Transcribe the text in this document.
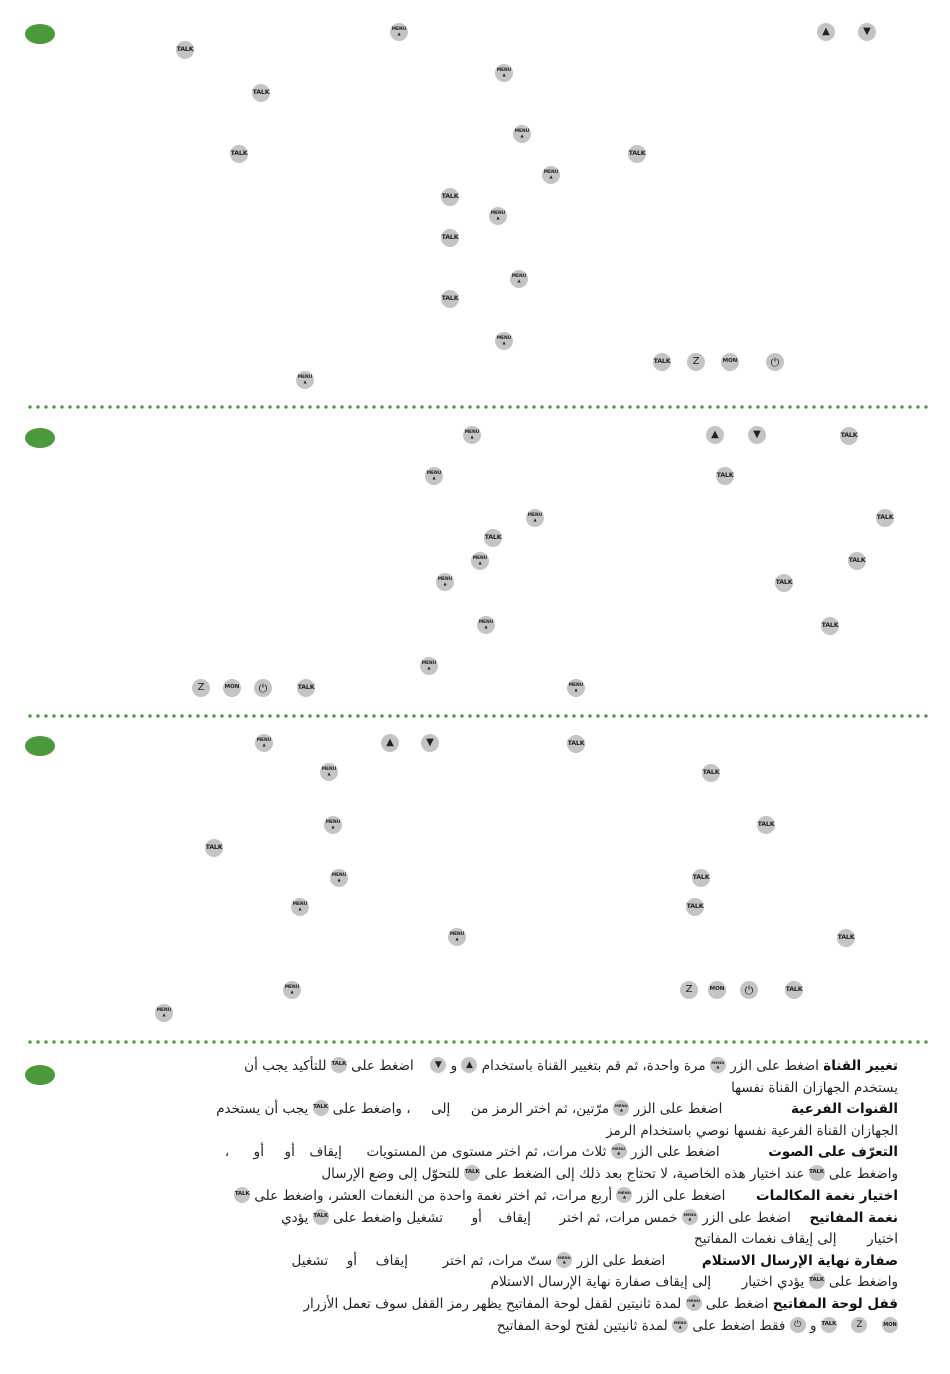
MENU
▲	▲	▼
TALK
MENU
▲
TALK
MENU
▲
TALK	TALK
MENU
▲
TALK
MENU
▲
TALK
MENU
▲
TALK
MENU
▲
TALK	Z	MON	⏻
MENU
▲
MENU
▲	▲	▼	TALK
MENU
▲	TALK
MENU
▲	TALK
TALK
MENU
▲	TALK
MENU
▲	TALK
MENU
▲	TALK
MENU
▲
Z	MON	⏻	TALK	MENU
▲
MENU
▲	▲	▼	TALK
MENU
▲	TALK
MENU
▲	TALK
TALK
MENU
▲	TALK
MENU
▲	TALK
MENU
▲	TALK
MENU
▲	Z	MON	⏻	TALK
MENU
▲
تغيير القناة اضغط على الزر
MENU
▲
مرة واحدة، ثم قم بتغيير القناة باستخدام
▲
و
▼
اضغط على
TALK
للتأكيد يجب أن
يستخدم الجهازان القناة نفسها
القنوات الفرعية  اضغط على الزر
MENU
▲
مرّتين، ثم اختر الرمز من  إلى  ، واضغط على
TALK
يجب أن يستخدم
الجهازان القناة الفرعية نفسها نوصي باستخدام الرمز
التعرّف على الصوت  اضغط على الزر
MENU
▲
ثلاث مرات، ثم اختر مستوى من المستويات  إيقاف  أو  أو  ،
واضغط على
TALK
عند اختيار هذه الخاصية، لا تحتاج بعد ذلك إلى الضغط على
TALK
للتحوّل إلى وضع الإرسال
اختيار نغمة المكالمات  اضغط على الزر
MENU
▲
أربع مرات، ثم اختر نغمة واحدة من النغمات العشر، واضغط على
TALK
نغمة المفاتيح  اضغط على الزر
MENU
▲
خمس مرات، ثم اختر  إيقاف  أو  تشغيل واضغط على
TALK
يؤدي
اختيار  إلى إيقاف نغمات المفاتيح
صفارة نهاية الإرسال الاستلام  اضغط على الزر
MENU
▲
ستّ مرات، ثم اختر  إيقاف  أو  تشغيل
واضغط على
TALK
يؤدي اختيار  إلى إيقاف صفارة نهاية الإرسال الاستلام
قفل لوحة المفاتيح اضغط على
MENU
▲
لمدة ثانيتين لقفل لوحة المفاتيح يظهر رمز القفل سوف تعمل الأزرار
MON

Z

TALK
و
⏻
فقط اضغط على
MENU
▲
لمدة ثانيتين لفتح لوحة المفاتيح
